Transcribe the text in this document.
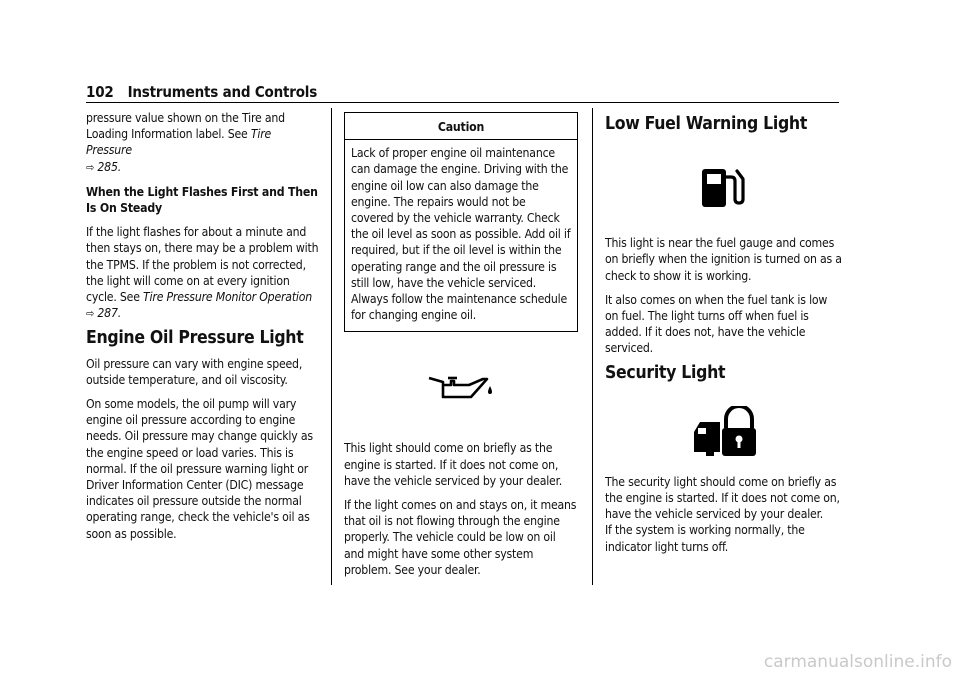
102 Instruments and Controls

pressure value shown on the Tire and Loading Information label. See Tire Pressure
⇨ 285.

When the Light Flashes First and Then Is On Steady

If the light flashes for about a minute and then stays on, there may be a problem with the TPMS. If the problem is not corrected, the light will come on at every ignition cycle. See Tire Pressure Monitor Operation
⇨ 287.

Engine Oil Pressure Light

Oil pressure can vary with engine speed, outside temperature, and oil viscosity.

On some models, the oil pump will vary engine oil pressure according to engine needs. Oil pressure may change quickly as the engine speed or load varies. This is normal. If the oil pressure warning light or Driver Information Center (DIC) message indicates oil pressure outside the normal operating range, check the vehicle's oil as soon as possible.

Caution
Lack of proper engine oil maintenance can damage the engine. Driving with the engine oil low can also damage the engine. The repairs would not be covered by the vehicle warranty. Check the oil level as soon as possible. Add oil if required, but if the oil level is within the operating range and the oil pressure is still low, have the vehicle serviced. Always follow the maintenance schedule for changing engine oil.

This light should come on briefly as the engine is started. If it does not come on, have the vehicle serviced by your dealer.

If the light comes on and stays on, it means that oil is not flowing through the engine properly. The vehicle could be low on oil and might have some other system problem. See your dealer.

Low Fuel Warning Light

This light is near the fuel gauge and comes on briefly when the ignition is turned on as a check to show it is working.

It also comes on when the fuel tank is low on fuel. The light turns off when fuel is added. If it does not, have the vehicle serviced.

Security Light

The security light should come on briefly as the engine is started. If it does not come on, have the vehicle serviced by your dealer.

If the system is working normally, the indicator light turns off.

carmanualsonline.info
